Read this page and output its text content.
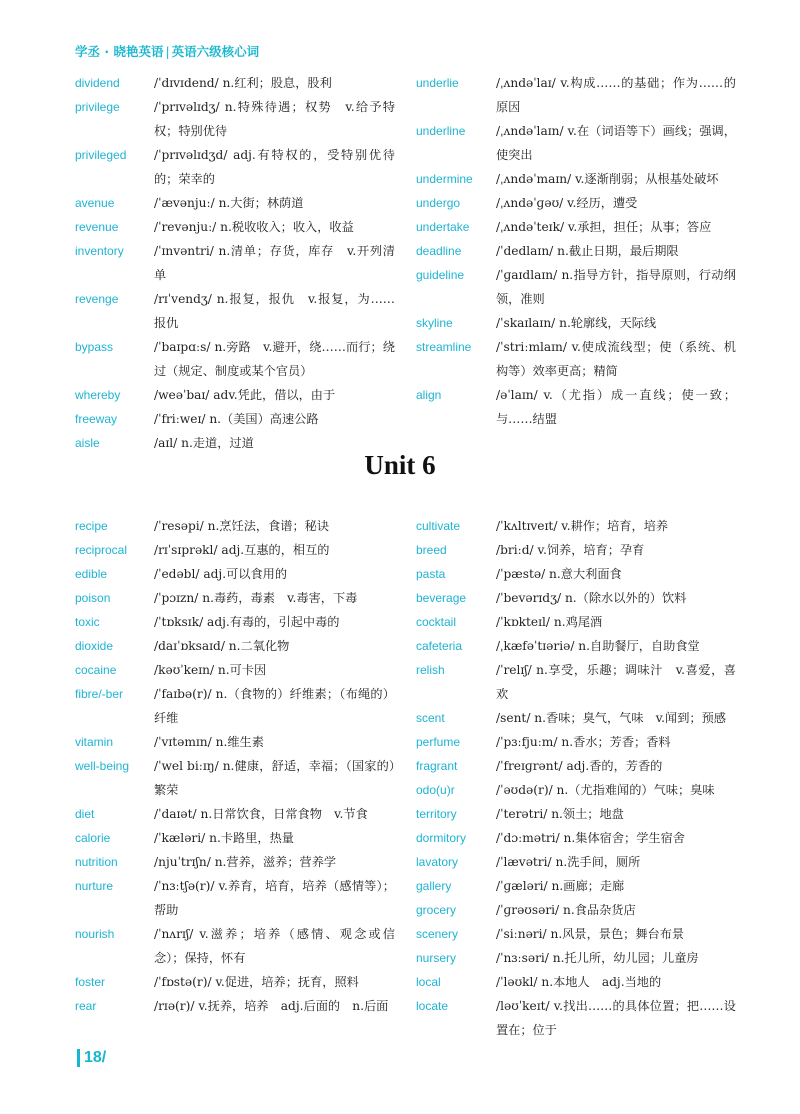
学丞 · 晓艳英语 | 英语六级核心词
dividend	/ˈdɪvɪdend/ n.红利；股息，股利
privilege	/ˈprɪvəlɪdʒ/ n.特殊待遇；权势　v.给予特权；特别优待
privileged	/ˈprɪvəlɪdʒd/ adj.有特权的，受特别优待的；荣幸的
avenue	/ˈævənjuː/ n.大街；林荫道
revenue	/ˈrevənjuː/ n.税收收入；收入，收益
inventory	/ˈɪnvəntri/ n.清单；存货，库存　v.开列清单
revenge	/rɪˈvendʒ/ n.报复，报仇　v.报复，为……报仇
bypass	/ˈbaɪpɑːs/ n.旁路　v.避开，绕……而行；绕过（规定、制度或某个官员）
whereby	/weəˈbaɪ/ adv.凭此，借以，由于
freeway	/ˈfriːweɪ/ n.（美国）高速公路
aisle	/aɪl/ n.走道，过道
underlie	/ˌʌndəˈlaɪ/ v.构成……的基础；作为……的原因
underline	/ˌʌndəˈlaɪn/ v.在（词语等下）画线；强调，使突出
undermine	/ˌʌndəˈmaɪn/ v.逐渐削弱；从根基处破坏
undergo	/ˌʌndəˈɡəʊ/ v.经历，遭受
undertake	/ˌʌndəˈteɪk/ v.承担，担任；从事；答应
deadline	/ˈdedlaɪn/ n.截止日期，最后期限
guideline	/ˈɡaɪdlaɪn/ n.指导方针，指导原则，行动纲领，准则
skyline	/ˈskaɪlaɪn/ n.轮廓线，天际线
streamline	/ˈstriːmlaɪn/ v.使成流线型；使（系统、机构等）效率更高；精简
align	/əˈlaɪn/ v.（尤指）成一直线；使一致；与……结盟
Unit 6
recipe	/ˈresəpi/ n.烹饪法，食谱；秘诀
reciprocal	/rɪˈsɪprəkl/ adj.互惠的，相互的
edible	/ˈedəbl/ adj.可以食用的
poison	/ˈpɔɪzn/ n.毒药，毒素　v.毒害，下毒
toxic	/ˈtɒksɪk/ adj.有毒的，引起中毒的
dioxide	/daɪˈɒksaɪd/ n.二氧化物
cocaine	/kəʊˈkeɪn/ n.可卡因
fibre/-ber	/ˈfaɪbə(r)/ n.（食物的）纤维素；（布绳的）纤维
vitamin	/ˈvɪtəmɪn/ n.维生素
well-being	/ˈwel biːɪŋ/ n.健康，舒适，幸福；（国家的）繁荣
diet	/ˈdaɪət/ n.日常饮食，日常食物　v.节食
calorie	/ˈkæləri/ n.卡路里，热量
nutrition	/njuˈtrɪʃn/ n.营养，滋养；营养学
nurture	/ˈnɜːtʃə(r)/ v.养育，培育，培养（感情等）；帮助
nourish	/ˈnʌrɪʃ/ v.滋养；培养（感情、观念或信念）；保持，怀有
foster	/ˈfɒstə(r)/ v.促进，培养；抚育，照料
rear	/rɪə(r)/ v.抚养，培养　adj.后面的　n.后面
cultivate	/ˈkʌltɪveɪt/ v.耕作；培育，培养
breed	/briːd/ v.饲养，培育；孕育
pasta	/ˈpæstə/ n.意大利面食
beverage	/ˈbevərɪdʒ/ n.（除水以外的）饮料
cocktail	/ˈkɒkteɪl/ n.鸡尾酒
cafeteria	/ˌkæfəˈtɪəriə/ n.自助餐厅，自助食堂
relish	/ˈrelɪʃ/ n.享受，乐趣；调味汁　v.喜爱，喜欢
scent	/sent/ n.香味；臭气，气味　v.闻到；预感
perfume	/ˈpɜːfjuːm/ n.香水；芳香；香料
fragrant	/ˈfreɪɡrənt/ adj.香的，芳香的
odo(u)r	/ˈəʊdə(r)/ n.（尤指难闻的）气味；臭味
territory	/ˈterətri/ n.领土；地盘
dormitory	/ˈdɔːmətri/ n.集体宿舍；学生宿舍
lavatory	/ˈlævətri/ n.洗手间，厕所
gallery	/ˈɡæləri/ n.画廊；走廊
grocery	/ˈɡrəʊsəri/ n.食品杂货店
scenery	/ˈsiːnəri/ n.风景，景色；舞台布景
nursery	/ˈnɜːsəri/ n.托儿所，幼儿园；儿童房
local	/ˈləʊkl/ n.本地人　adj.当地的
locate	/ləʊˈkeɪt/ v.找出……的具体位置；把……设置在；位于
18/
